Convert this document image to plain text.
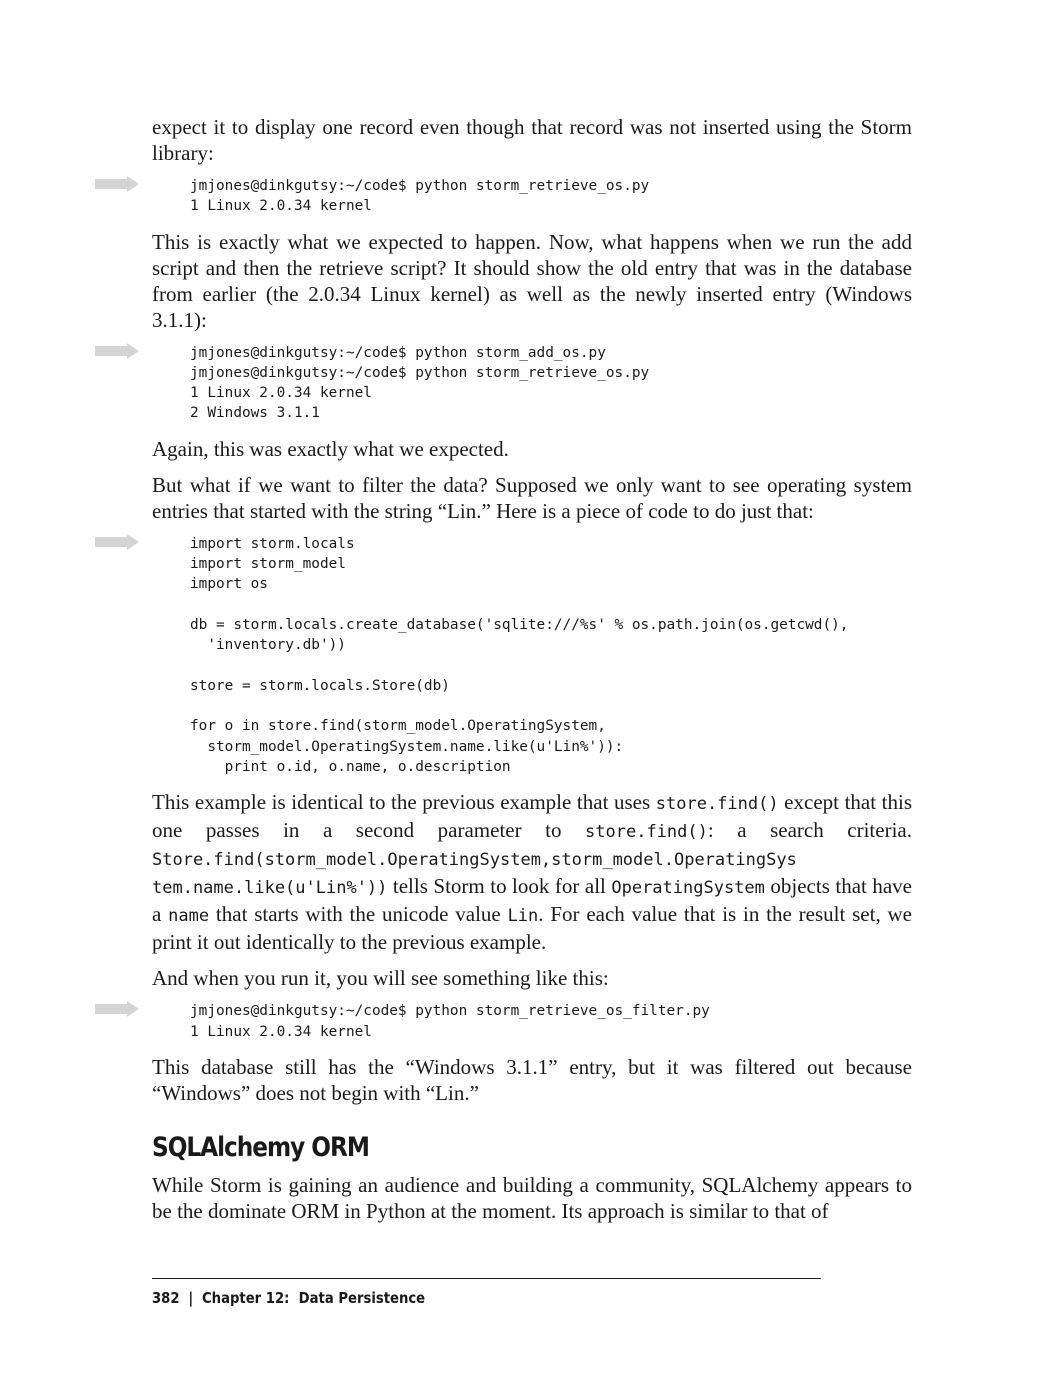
expect it to display one record even though that record was not inserted using the Storm library:

jmjones@dinkgutsy:~/code$ python storm_retrieve_os.py
1 Linux 2.0.34 kernel

This is exactly what we expected to happen. Now, what happens when we run the add script and then the retrieve script? It should show the old entry that was in the database from earlier (the 2.0.34 Linux kernel) as well as the newly inserted entry (Windows 3.1.1):

jmjones@dinkgutsy:~/code$ python storm_add_os.py
jmjones@dinkgutsy:~/code$ python storm_retrieve_os.py
1 Linux 2.0.34 kernel
2 Windows 3.1.1

Again, this was exactly what we expected.

But what if we want to filter the data? Supposed we only want to see operating system entries that started with the string “Lin.” Here is a piece of code to do just that:

import storm.locals
import storm_model
import os

db = storm.locals.create_database('sqlite:///%s' % os.path.join(os.getcwd(),
'inventory.db'))

store = storm.locals.Store(db)

for o in store.find(storm_model.OperatingSystem,
storm_model.OperatingSystem.name.like(u'Lin%')):
print o.id, o.name, o.description

This example is identical to the previous example that uses store.find() except that this one passes in a second parameter to store.find(): a search criteria. Store.find(storm_model.OperatingSystem,storm_model.OperatingSys tem.name.like(u'Lin%')) tells Storm to look for all OperatingSystem objects that have a name that starts with the unicode value Lin. For each value that is in the result set, we print it out identically to the previous example.

And when you run it, you will see something like this:

jmjones@dinkgutsy:~/code$ python storm_retrieve_os_filter.py
1 Linux 2.0.34 kernel

This database still has the “Windows 3.1.1” entry, but it was filtered out because “Windows” does not begin with “Lin.”

SQLAlchemy ORM

While Storm is gaining an audience and building a community, SQLAlchemy appears to be the dominate ORM in Python at the moment. Its approach is similar to that of

382 | Chapter 12: Data Persistence
